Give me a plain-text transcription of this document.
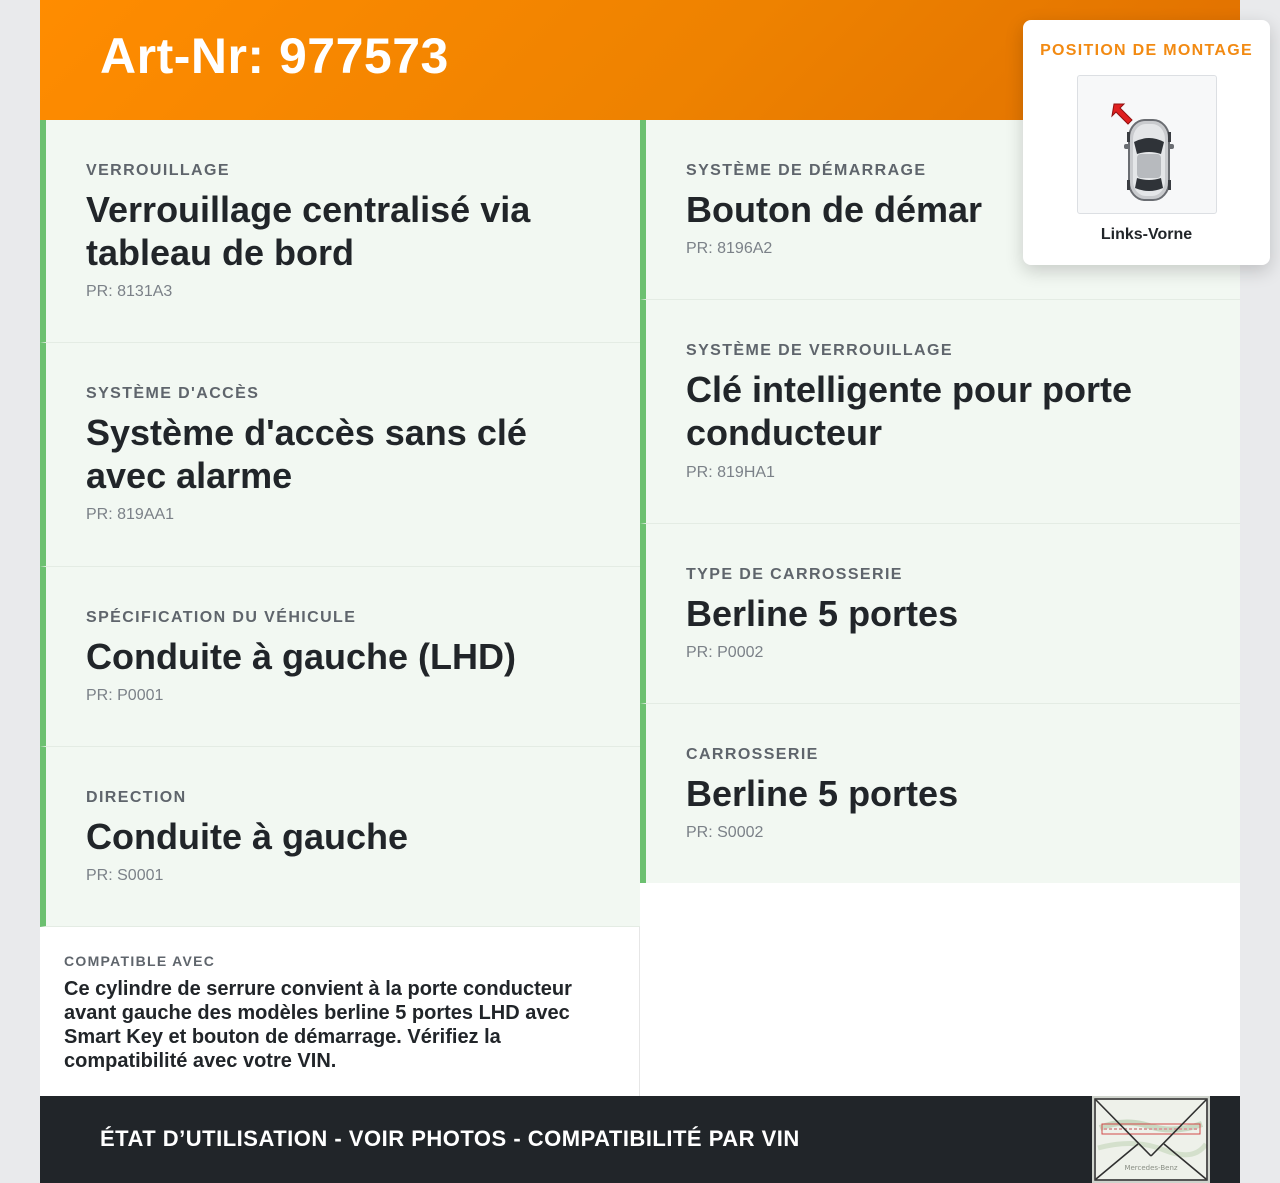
Art-Nr: 977573
VERROUILLAGE
Verrouillage centralisé via tableau de bord
PR: 8131A3
SYSTÈME D'ACCÈS
Système d'accès sans clé avec alarme
PR: 819AA1
SPÉCIFICATION DU VÉHICULE
Conduite à gauche (LHD)
PR: P0001
DIRECTION
Conduite à gauche
PR: S0001
SYSTÈME DE DÉMARRAGE
Bouton de démar
PR: 8196A2
SYSTÈME DE VERROUILLAGE
Clé intelligente pour porte conducteur
PR: 819HA1
TYPE DE CARROSSERIE
Berline 5 portes
PR: P0002
CARROSSERIE
Berline 5 portes
PR: S0002
COMPATIBLE AVEC
Ce cylindre de serrure convient à la porte conducteur avant gauche des modèles berline 5 portes LHD avec Smart Key et bouton de démarrage. Vérifiez la compatibilité avec votre VIN.
ÉTAT D’UTILISATION - VOIR PHOTOS - COMPATIBILITÉ PAR VIN
Mercedes-Benz
POSITION DE MONTAGE
Links-Vorne
